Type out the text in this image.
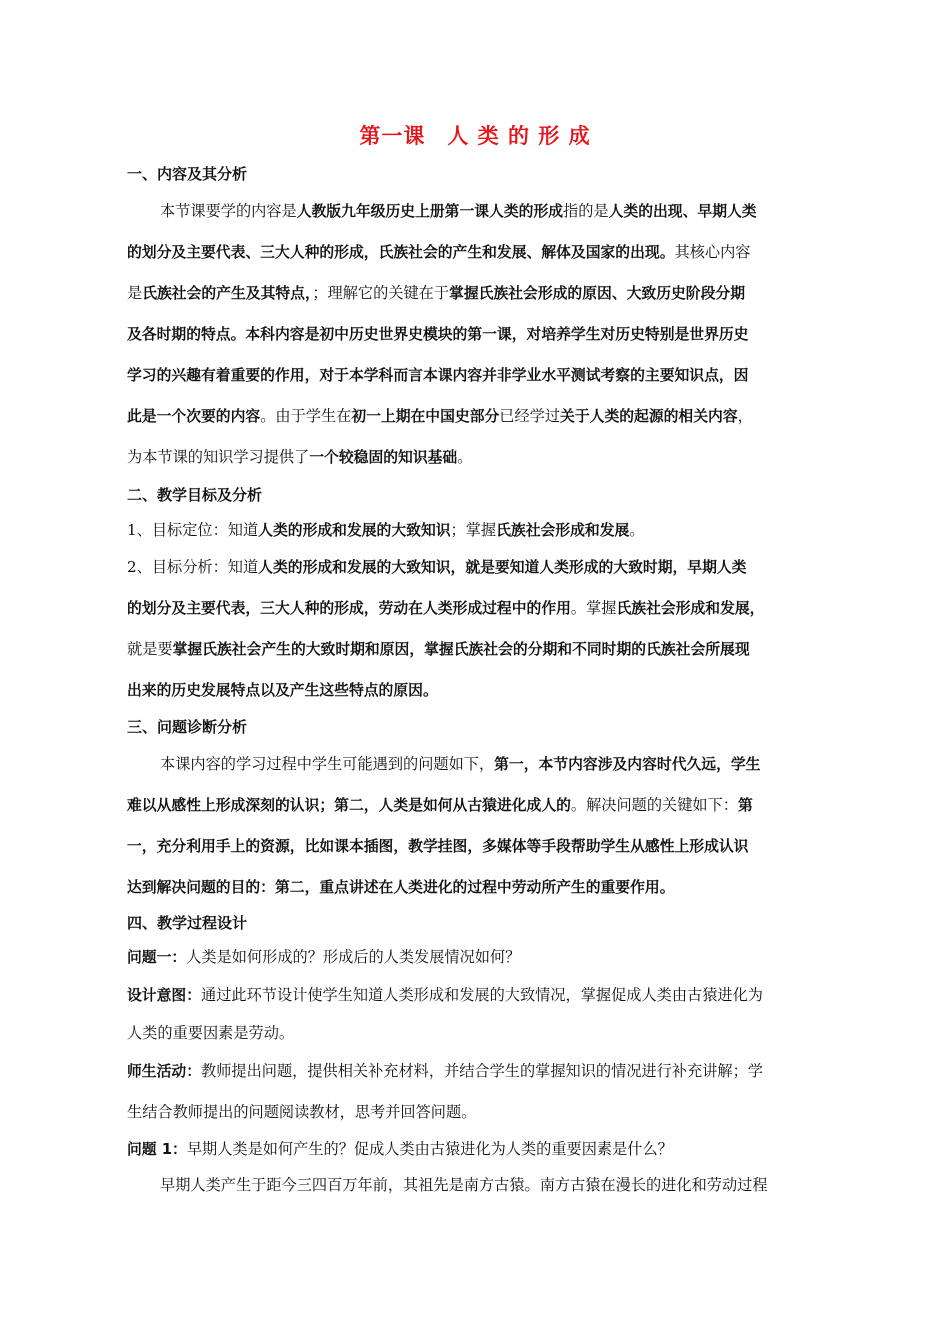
第一课　人 类 的 形 成
一、内容及其分析
本节课要学的内容是人教版九年级历史上册第一课人类的形成指的是人类的出现、早期人类
的划分及主要代表、三大人种的形成，氏族社会的产生和发展、解体及国家的出现。其核心内容
是氏族社会的产生及其特点，；理解它的关键在于掌握氏族社会形成的原因、大致历史阶段分期
及各时期的特点。本科内容是初中历史世界史模块的第一课，对培养学生对历史特别是世界历史
学习的兴趣有着重要的作用，对于本学科而言本课内容并非学业水平测试考察的主要知识点，因
此是一个次要的内容。由于学生在初一上期在中国史部分已经学过关于人类的起源的相关内容，
为本节课的知识学习提供了一个较稳固的知识基础。
二、教学目标及分析
1、目标定位：知道人类的形成和发展的大致知识；掌握氏族社会形成和发展。
2、目标分析：知道人类的形成和发展的大致知识，就是要知道人类形成的大致时期，早期人类
的划分及主要代表，三大人种的形成，劳动在人类形成过程中的作用。掌握氏族社会形成和发展，
就是要掌握氏族社会产生的大致时期和原因，掌握氏族社会的分期和不同时期的氏族社会所展现
出来的历史发展特点以及产生这些特点的原因。
三、问题诊断分析
本课内容的学习过程中学生可能遇到的问题如下，第一，本节内容涉及内容时代久远，学生
难以从感性上形成深刻的认识；第二，人类是如何从古猿进化成人的。解决问题的关键如下：第
一，充分利用手上的资源，比如课本插图，教学挂图，多媒体等手段帮助学生从感性上形成认识
达到解决问题的目的：第二，重点讲述在人类进化的过程中劳动所产生的重要作用。
四、教学过程设计
问题一：人类是如何形成的？形成后的人类发展情况如何？
设计意图：通过此环节设计使学生知道人类形成和发展的大致情况，掌握促成人类由古猿进化为
人类的重要因素是劳动。
师生活动：教师提出问题，提供相关补充材料，并结合学生的掌握知识的情况进行补充讲解；学
生结合教师提出的问题阅读教材，思考并回答问题。
问题 1：早期人类是如何产生的？促成人类由古猿进化为人类的重要因素是什么？
早期人类产生于距今三四百万年前，其祖先是南方古猿。南方古猿在漫长的进化和劳动过程
